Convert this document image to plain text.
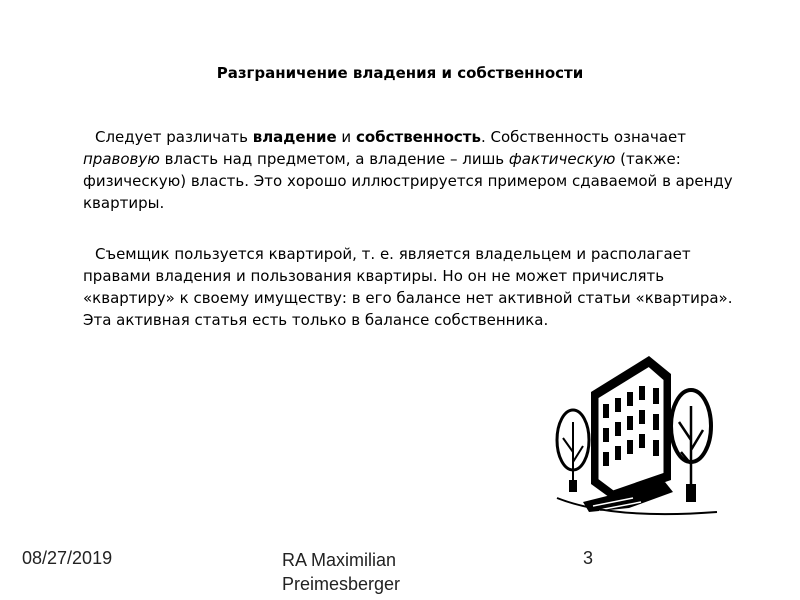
Разграничение владения и собственности

Следует различать владение и собственность. Собственность означает правовую власть над предметом, а владение – лишь фактическую (также: физическую) власть. Это хорошо иллюстрируется примером сдаваемой в аренду квартиры.

Съемщик пользуется квартирой, т. е. является владельцем и располагает правами владения и пользования квартиры. Но он не может причислять «квартиру» к своему имуществу: в его балансе нет активной статьи «квартира». Эта активная статья есть только в балансе собственника.

08/27/2019	RA Maximilian
Preimesberger
3
